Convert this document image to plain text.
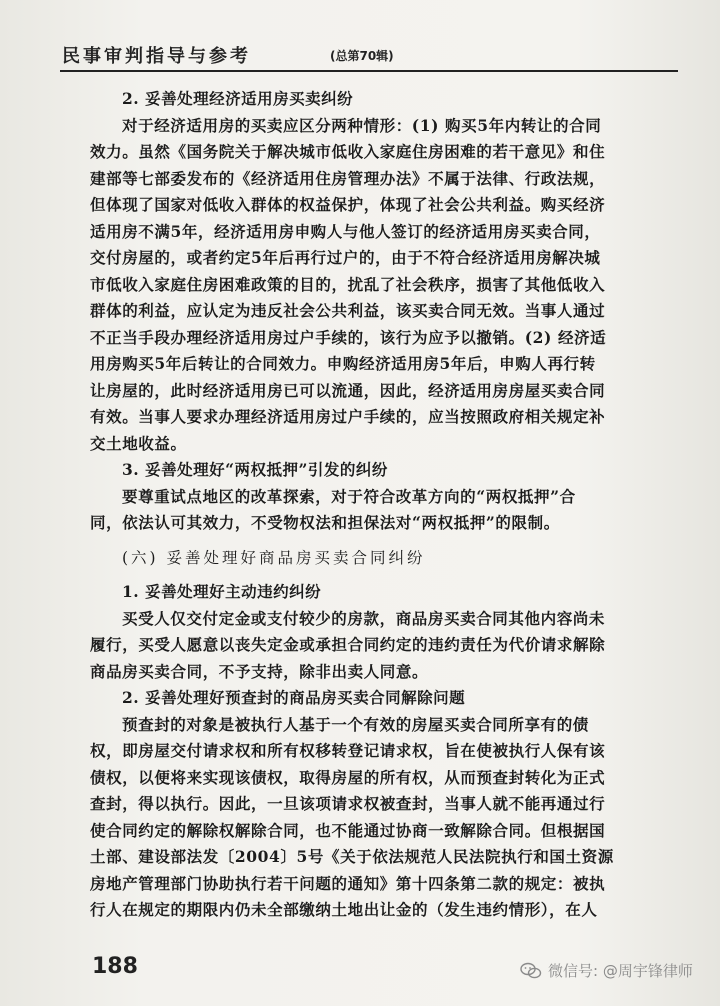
民事审判指导与参考	(总第70辑)
2. 妥善处理经济适用房买卖纠纷
对于经济适用房的买卖应区分两种情形：(1) 购买5年内转让的合同
效力。虽然《国务院关于解决城市低收入家庭住房困难的若干意见》和住
建部等七部委发布的《经济适用住房管理办法》不属于法律、行政法规，
但体现了国家对低收入群体的权益保护，体现了社会公共利益。购买经济
适用房不满5年，经济适用房申购人与他人签订的经济适用房买卖合同，
交付房屋的，或者约定5年后再行过户的，由于不符合经济适用房解决城
市低收入家庭住房困难政策的目的，扰乱了社会秩序，损害了其他低收入
群体的利益，应认定为违反社会公共利益，该买卖合同无效。当事人通过
不正当手段办理经济适用房过户手续的，该行为应予以撤销。(2) 经济适
用房购买5年后转让的合同效力。申购经济适用房5年后，申购人再行转
让房屋的，此时经济适用房已可以流通，因此，经济适用房房屋买卖合同
有效。当事人要求办理经济适用房过户手续的，应当按照政府相关规定补
交土地收益。
3. 妥善处理好“两权抵押”引发的纠纷
要尊重试点地区的改革探索，对于符合改革方向的“两权抵押”合
同，依法认可其效力，不受物权法和担保法对“两权抵押”的限制。
(六) 妥善处理好商品房买卖合同纠纷
1. 妥善处理好主动违约纠纷
买受人仅交付定金或支付较少的房款，商品房买卖合同其他内容尚未
履行，买受人愿意以丧失定金或承担合同约定的违约责任为代价请求解除
商品房买卖合同，不予支持，除非出卖人同意。
2. 妥善处理好预查封的商品房买卖合同解除问题
预查封的对象是被执行人基于一个有效的房屋买卖合同所享有的债
权，即房屋交付请求权和所有权移转登记请求权，旨在使被执行人保有该
债权，以便将来实现该债权，取得房屋的所有权，从而预查封转化为正式
查封，得以执行。因此，一旦该项请求权被查封，当事人就不能再通过行
使合同约定的解除权解除合同，也不能通过协商一致解除合同。但根据国
土部、建设部法发〔2004〕5号《关于依法规范人民法院执行和国土资源
房地产管理部门协助执行若干问题的通知》第十四条第二款的规定：被执
行人在规定的期限内仍未全部缴纳土地出让金的（发生违约情形），在人
188	微信号: @周宇锋律师
